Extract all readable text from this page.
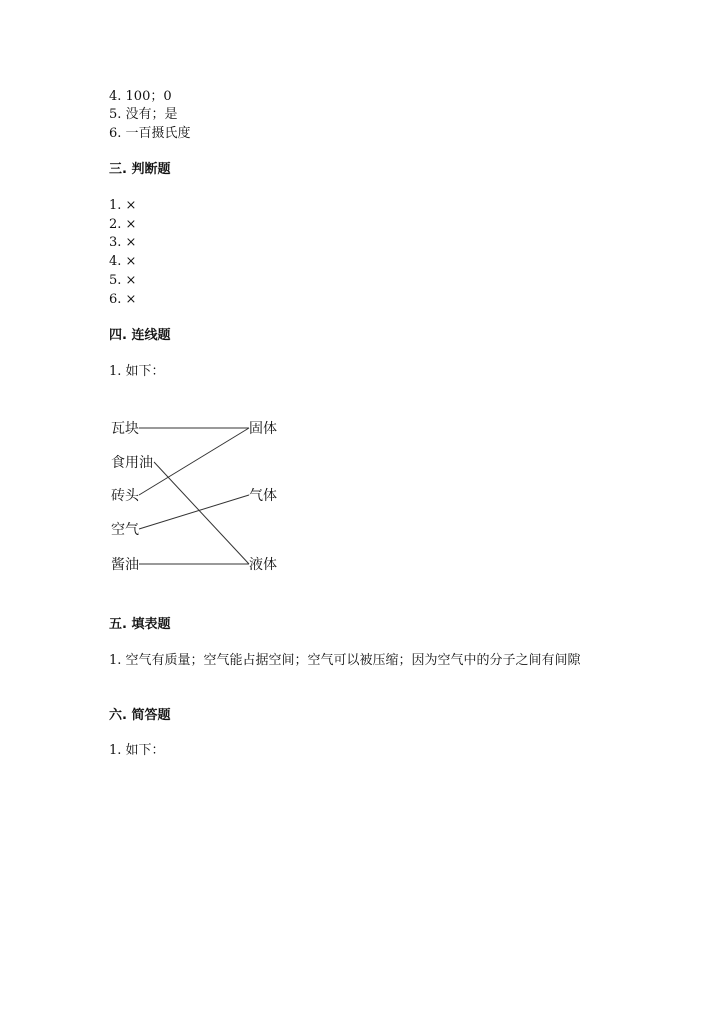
4. 100；0
5. 没有；是
6. 一百摄氏度
三. 判断题
1. ×
2. ×
3. ×
4. ×
5. ×
6. ×
四. 连线题
1. 如下：
瓦块
食用油
砖头
空气
酱油
固体
气体
液体
五. 填表题
1. 空气有质量；空气能占据空间；空气可以被压缩；因为空气中的分子之间有间隙
六. 简答题
1. 如下：
